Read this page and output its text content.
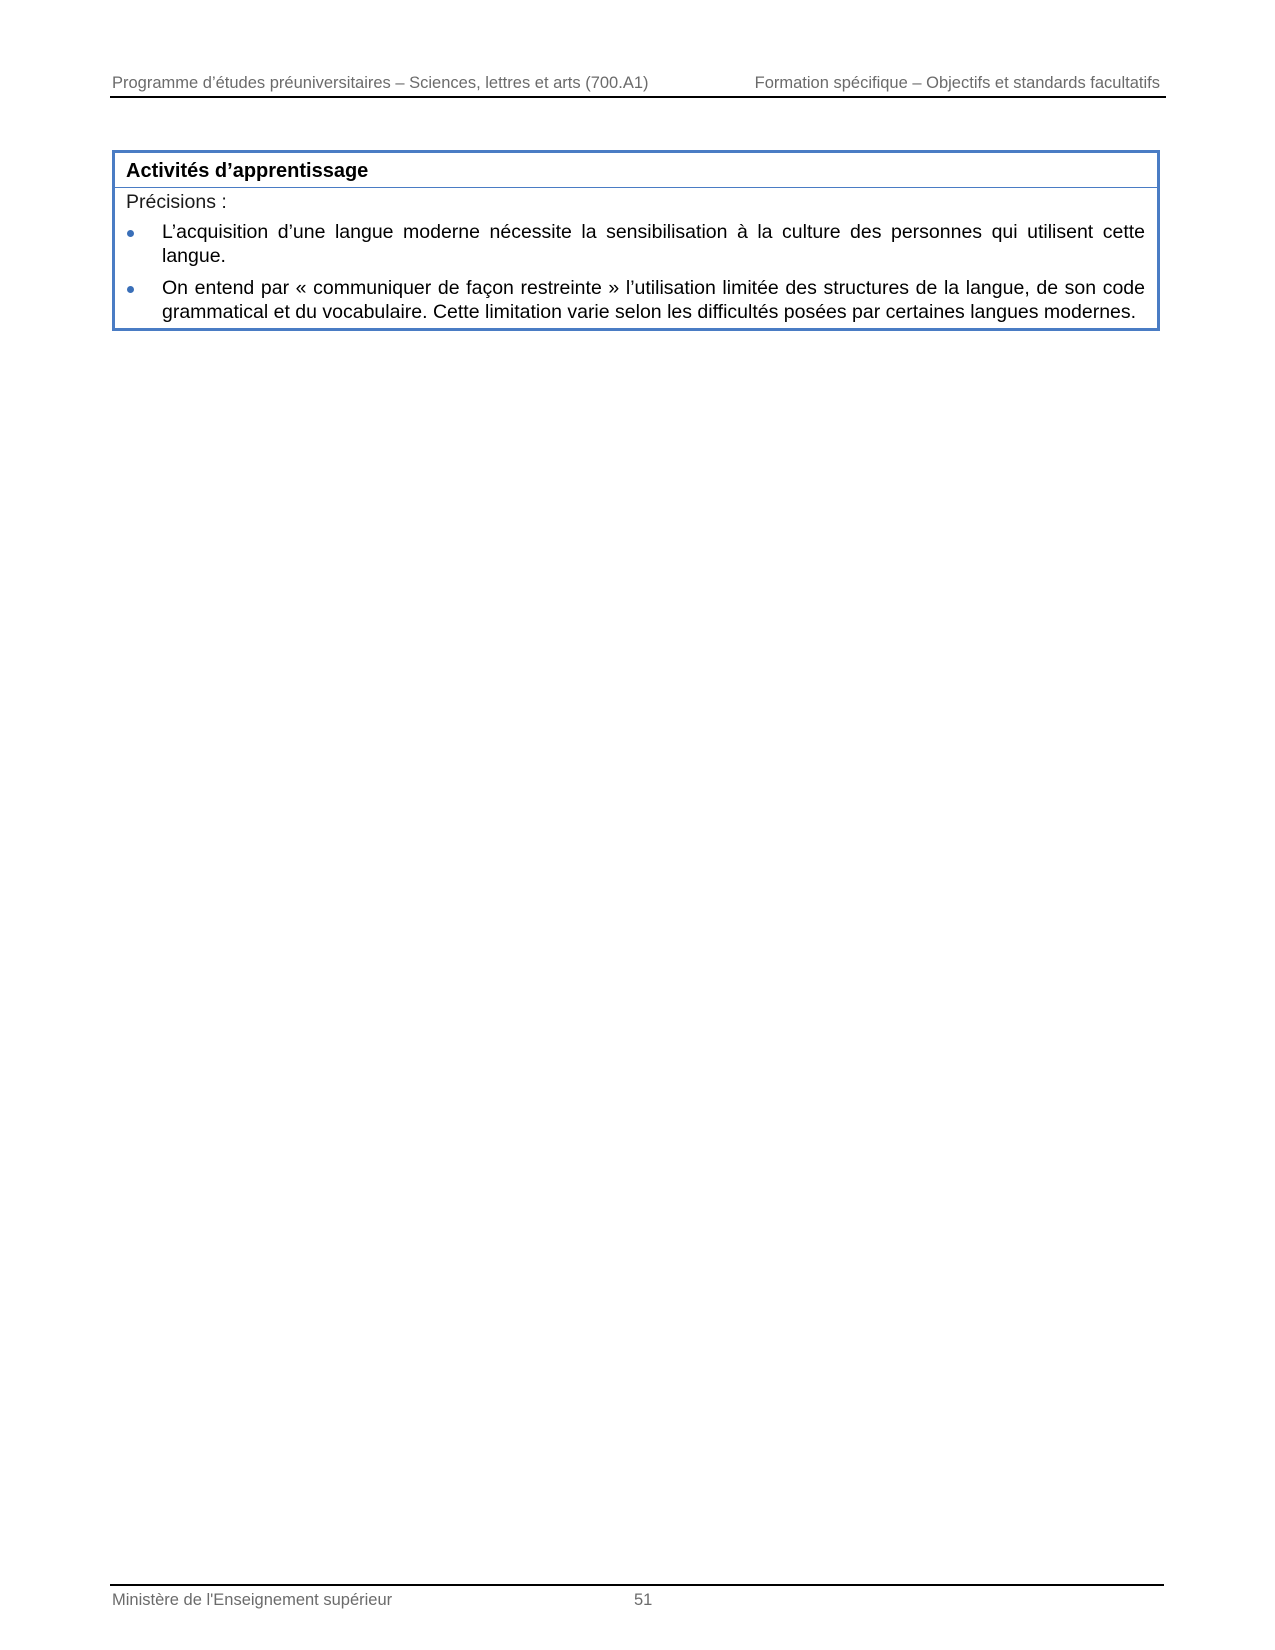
Programme d’études préuniversitaires – Sciences, lettres et arts (700.A1)	Formation spécifique – Objectifs et standards facultatifs
Activités d’apprentissage
Précisions :
L’acquisition d’une langue moderne nécessite la sensibilisation à la culture des personnes qui utilisent cette langue.
On entend par « communiquer de façon restreinte » l’utilisation limitée des structures de la langue, de son code grammatical et du vocabulaire. Cette limitation varie selon les difficultés posées par certaines langues modernes.
Ministère de l'Enseignement supérieur	51
